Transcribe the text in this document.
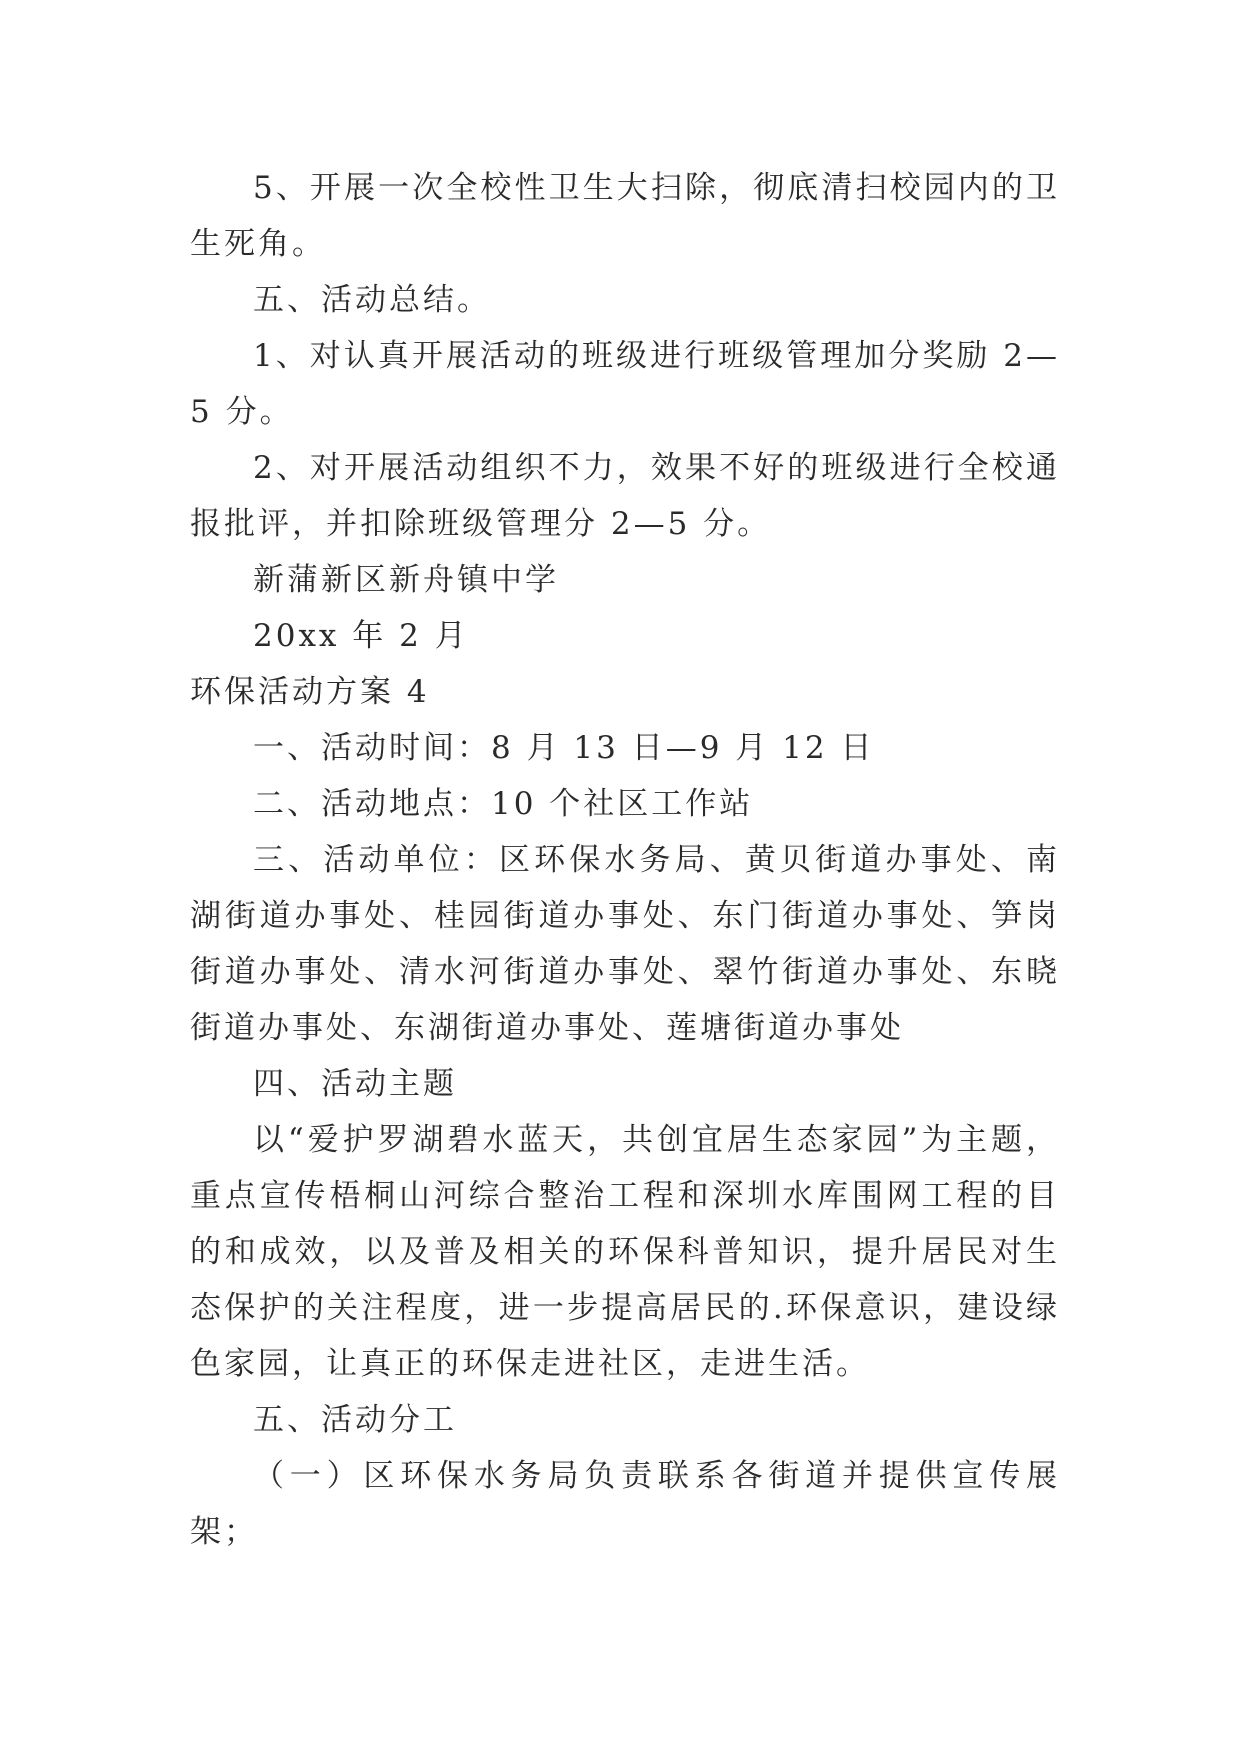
5、开展一次全校性卫生大扫除，彻底清扫校园内的卫生死角。

五、活动总结。

1、对认真开展活动的班级进行班级管理加分奖励 2—5 分。

2、对开展活动组织不力，效果不好的班级进行全校通报批评，并扣除班级管理分 2—5 分。

新蒲新区新舟镇中学

20xx 年 2 月

环保活动方案 4

一、活动时间：8 月 13 日—9 月 12 日

二、活动地点：10 个社区工作站

三、活动单位：区环保水务局、黄贝街道办事处、南湖街道办事处、桂园街道办事处、东门街道办事处、笋岗街道办事处、清水河街道办事处、翠竹街道办事处、东晓街道办事处、东湖街道办事处、莲塘街道办事处

四、活动主题

以“爱护罗湖碧水蓝天，共创宜居生态家园”为主题，重点宣传梧桐山河综合整治工程和深圳水库围网工程的目的和成效，以及普及相关的环保科普知识，提升居民对生态保护的关注程度，进一步提高居民的.环保意识，建设绿色家园，让真正的环保走进社区，走进生活。

五、活动分工

（一）区环保水务局负责联系各街道并提供宣传展架；
